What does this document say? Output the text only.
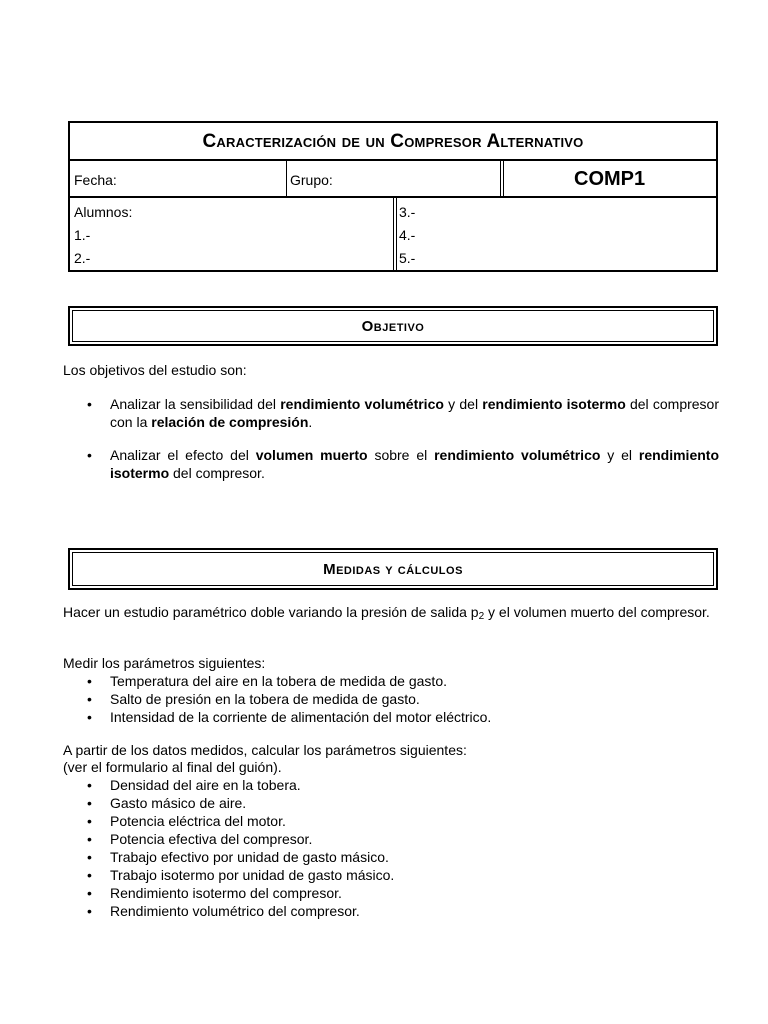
Caracterización de un Compresor Alternativo
Fecha:	Grupo:	COMP1
Alumnos:
1.-
2.-
3.-
4.-
5.-
Objetivo
Los objetivos del estudio son:
• Analizar la sensibilidad del rendimiento volumétrico y del rendimiento isotermo del compresor con la relación de compresión.
• Analizar el efecto del volumen muerto sobre el rendimiento volumétrico y el rendimiento isotermo del compresor.
Medidas y cálculos
Hacer un estudio paramétrico doble variando la presión de salida $p_2$ y el volumen muerto del compresor.
Medir los parámetros siguientes:
• Temperatura del aire en la tobera de medida de gasto.
• Salto de presión en la tobera de medida de gasto.
• Intensidad de la corriente de alimentación del motor eléctrico.
A partir de los datos medidos, calcular los parámetros siguientes:
(ver el formulario al final del guión).
• Densidad del aire en la tobera.
• Gasto másico de aire.
• Potencia eléctrica del motor.
• Potencia efectiva del compresor.
• Trabajo efectivo por unidad de gasto másico.
• Trabajo isotermo por unidad de gasto másico.
• Rendimiento isotermo del compresor.
• Rendimiento volumétrico del compresor.
